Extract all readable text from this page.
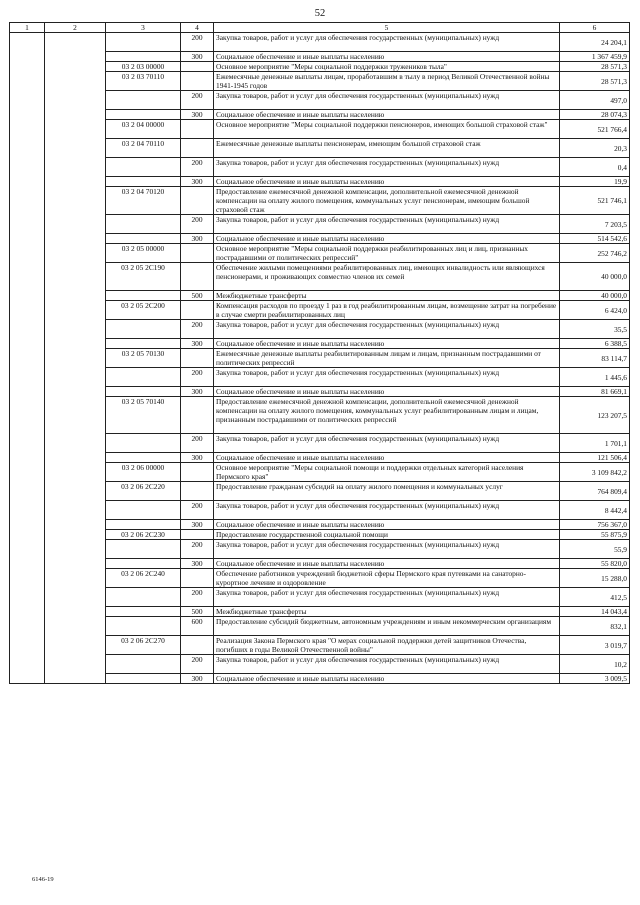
52
1	2	3	4	5	6
			200	Закупка товаров, работ и услуг для обеспечения государственных (муниципальных) нужд	24 204,1
			300	Социальное обеспечение и иные выплаты населению	1 367 459,9
		03 2 03 00000		Основное мероприятие "Меры социальной поддержки тружеников тыла"	28 571,3
		03 2 03 70110		Ежемесячные денежные выплаты лицам, проработавшим в тылу в период Великой Отечественной войны 1941-1945 годов	28 571,3
			200	Закупка товаров, работ и услуг для обеспечения государственных (муниципальных) нужд	497,0
			300	Социальное обеспечение и иные выплаты населению	28 074,3
		03 2 04 00000		Основное мероприятие "Меры социальной поддержки пенсионеров, имеющих большой страховой стаж"	521 766,4
		03 2 04 70110		Ежемесячные денежные выплаты пенсионерам, имеющим большой страховой стаж	20,3
			200	Закупка товаров, работ и услуг для обеспечения государственных (муниципальных) нужд	0,4
			300	Социальное обеспечение и иные выплаты населению	19,9
		03 2 04 70120		Предоставление ежемесячной денежной компенсации, дополнительной ежемесячной денежной компенсации на оплату жилого помещения, коммунальных услуг пенсионерам, имеющим большой страховой стаж	521 746,1
			200	Закупка товаров, работ и услуг для обеспечения государственных (муниципальных) нужд	7 203,5
			300	Социальное обеспечение и иные выплаты населению	514 542,6
		03 2 05 00000		Основное мероприятие "Меры социальной поддержки реабилитированных лиц и лиц, признанных пострадавшими от политических репрессий"	252 746,2
		03 2 05 2С190		Обеспечение жилыми помещениями реабилитированных лиц, имеющих инвалидность или являющихся пенсионерами, и проживающих совместно членов их семей	40 000,0
			500	Межбюджетные трансферты	40 000,0
		03 2 05 2С200		Компенсация расходов по проезду 1 раз в год реабилитированным лицам, возмещение затрат на погребение в случае смерти реабилитированных лиц	6 424,0
			200	Закупка товаров, работ и услуг для обеспечения государственных (муниципальных) нужд	35,5
			300	Социальное обеспечение и иные выплаты населению	6 388,5
		03 2 05 70130		Ежемесячные денежные выплаты реабилитированным лицам и лицам, признанным пострадавшими от политических репрессий	83 114,7
			200	Закупка товаров, работ и услуг для обеспечения государственных (муниципальных) нужд	1 445,6
			300	Социальное обеспечение и иные выплаты населению	81 669,1
		03 2 05 70140		Предоставление ежемесячной денежной компенсации, дополнительной ежемесячной денежной компенсации на оплату жилого помещения, коммунальных услуг реабилитированным лицам и лицам, признанным пострадавшими от политических репрессий	123 207,5
			200	Закупка товаров, работ и услуг для обеспечения государственных (муниципальных) нужд	1 701,1
			300	Социальное обеспечение и иные выплаты населению	121 506,4
		03 2 06 00000		Основное мероприятие "Меры социальной помощи и поддержки отдельных категорий населения Пермского края"	3 109 842,2
		03 2 06 2С220		Предоставление гражданам субсидий на оплату жилого помещения и коммунальных услуг	764 809,4
			200	Закупка товаров, работ и услуг для обеспечения государственных (муниципальных) нужд	8 442,4
			300	Социальное обеспечение и иные выплаты населению	756 367,0
		03 2 06 2С230		Предоставление государственной социальной помощи	55 875,9
			200	Закупка товаров, работ и услуг для обеспечения государственных (муниципальных) нужд	55,9
			300	Социальное обеспечение и иные выплаты населению	55 820,0
		03 2 06 2С240		Обеспечение работников учреждений бюджетной сферы Пермского края путевками на санаторно-курортное лечение и оздоровление	15 288,0
			200	Закупка товаров, работ и услуг для обеспечения государственных (муниципальных) нужд	412,5
			500	Межбюджетные трансферты	14 043,4
			600	Предоставление субсидий бюджетным, автономным учреждениям и иным некоммерческим организациям	832,1
		03 2 06 2С270		Реализация Закона Пермского края "О мерах социальной поддержки детей защитников Отечества, погибших в годы Великой Отечественной войны"	3 019,7
			200	Закупка товаров, работ и услуг для обеспечения государственных (муниципальных) нужд	10,2
			300	Социальное обеспечение и иные выплаты населению	3 009,5
6146-19
